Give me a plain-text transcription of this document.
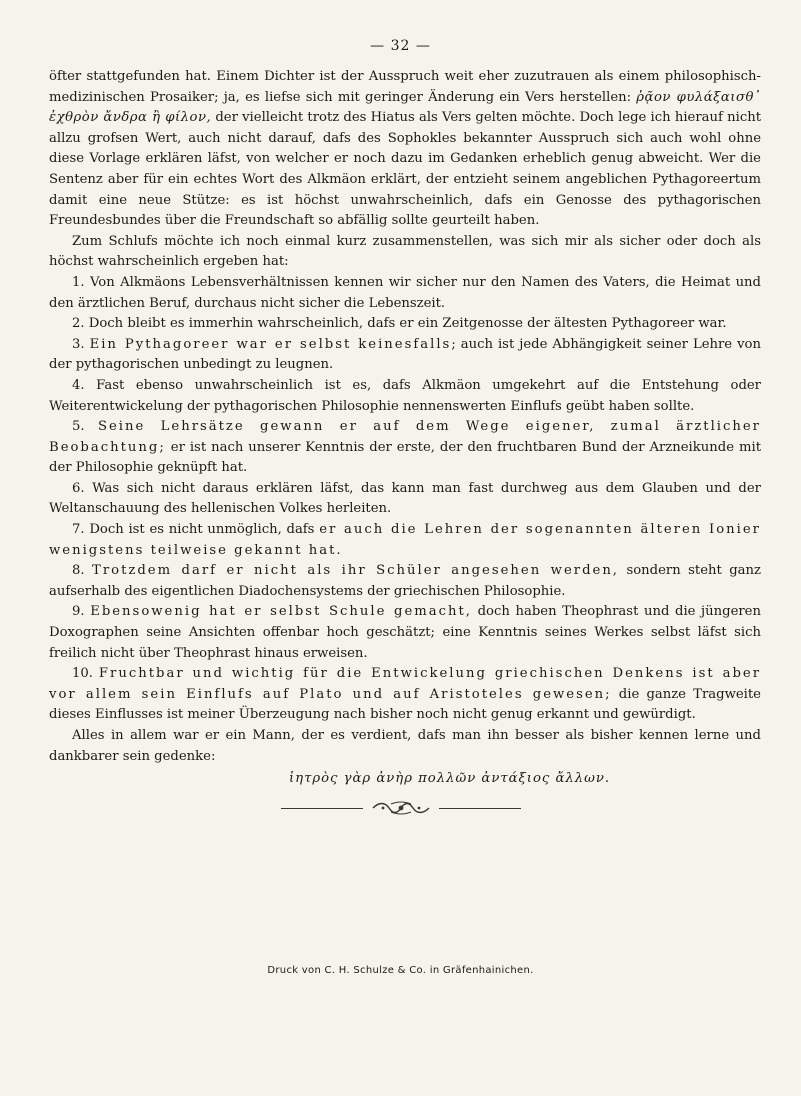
— 32 —

öfter stattgefunden hat. Einem Dichter ist der Ausspruch weit eher zuzutrauen als einem philosophisch-medizinischen Prosaiker; ja, es liefse sich mit geringer Änderung ein Vers herstellen: ῥᾷον φυλάξαισθ᾽ ἐχθρὸν ἄνδρα ἢ φίλον, der vielleicht trotz des Hiatus als Vers gelten möchte. Doch lege ich hierauf nicht allzu grofsen Wert, auch nicht darauf, dafs des Sophokles bekannter Ausspruch sich auch wohl ohne diese Vorlage erklären läfst, von welcher er noch dazu im Gedanken erheblich genug abweicht. Wer die Sentenz aber für ein echtes Wort des Alkmäon erklärt, der entzieht seinem angeblichen Pythagoreertum damit eine neue Stütze: es ist höchst unwahrscheinlich, dafs ein Genosse des pythagorischen Freundesbundes über die Freundschaft so abfällig sollte geurteilt haben.

Zum Schlufs möchte ich noch einmal kurz zusammenstellen, was sich mir als sicher oder doch als höchst wahrscheinlich ergeben hat:

1. Von Alkmäons Lebensverhältnissen kennen wir sicher nur den Namen des Vaters, die Heimat und den ärztlichen Beruf, durchaus nicht sicher die Lebenszeit.

2. Doch bleibt es immerhin wahrscheinlich, dafs er ein Zeitgenosse der ältesten Pythagoreer war.

3. Ein Pythagoreer war er selbst keinesfalls; auch ist jede Abhängigkeit seiner Lehre von der pythagorischen unbedingt zu leugnen.

4. Fast ebenso unwahrscheinlich ist es, dafs Alkmäon umgekehrt auf die Entstehung oder Weiterentwickelung der pythagorischen Philosophie nennenswerten Einflufs geübt haben sollte.

5. Seine Lehrsätze gewann er auf dem Wege eigener, zumal ärztlicher Beobachtung; er ist nach unserer Kenntnis der erste, der den fruchtbaren Bund der Arzneikunde mit der Philosophie geknüpft hat.

6. Was sich nicht daraus erklären läfst, das kann man fast durchweg aus dem Glauben und der Weltanschauung des hellenischen Volkes herleiten.

7. Doch ist es nicht unmöglich, dafs er auch die Lehren der sogenannten älteren Ionier wenigstens teilweise gekannt hat.

8. Trotzdem darf er nicht als ihr Schüler angesehen werden, sondern steht ganz aufserhalb des eigentlichen Diadochensystems der griechischen Philosophie.

9. Ebensowenig hat er selbst Schule gemacht, doch haben Theophrast und die jüngeren Doxographen seine Ansichten offenbar hoch geschätzt; eine Kenntnis seines Werkes selbst läfst sich freilich nicht über Theophrast hinaus erweisen.

10. Fruchtbar und wichtig für die Entwickelung griechischen Denkens ist aber vor allem sein Einflufs auf Plato und auf Aristoteles gewesen; die ganze Tragweite dieses Einflusses ist meiner Überzeugung nach bisher noch nicht genug erkannt und gewürdigt.

Alles in allem war er ein Mann, der es verdient, dafs man ihn besser als bisher kennen lerne und dankbarer sein gedenke:

ἰητρὸς γὰρ ἀνὴρ πολλῶν ἀντάξιος ἄλλων.

Druck von C. H. Schulze & Co. in Gräfenhainichen.
